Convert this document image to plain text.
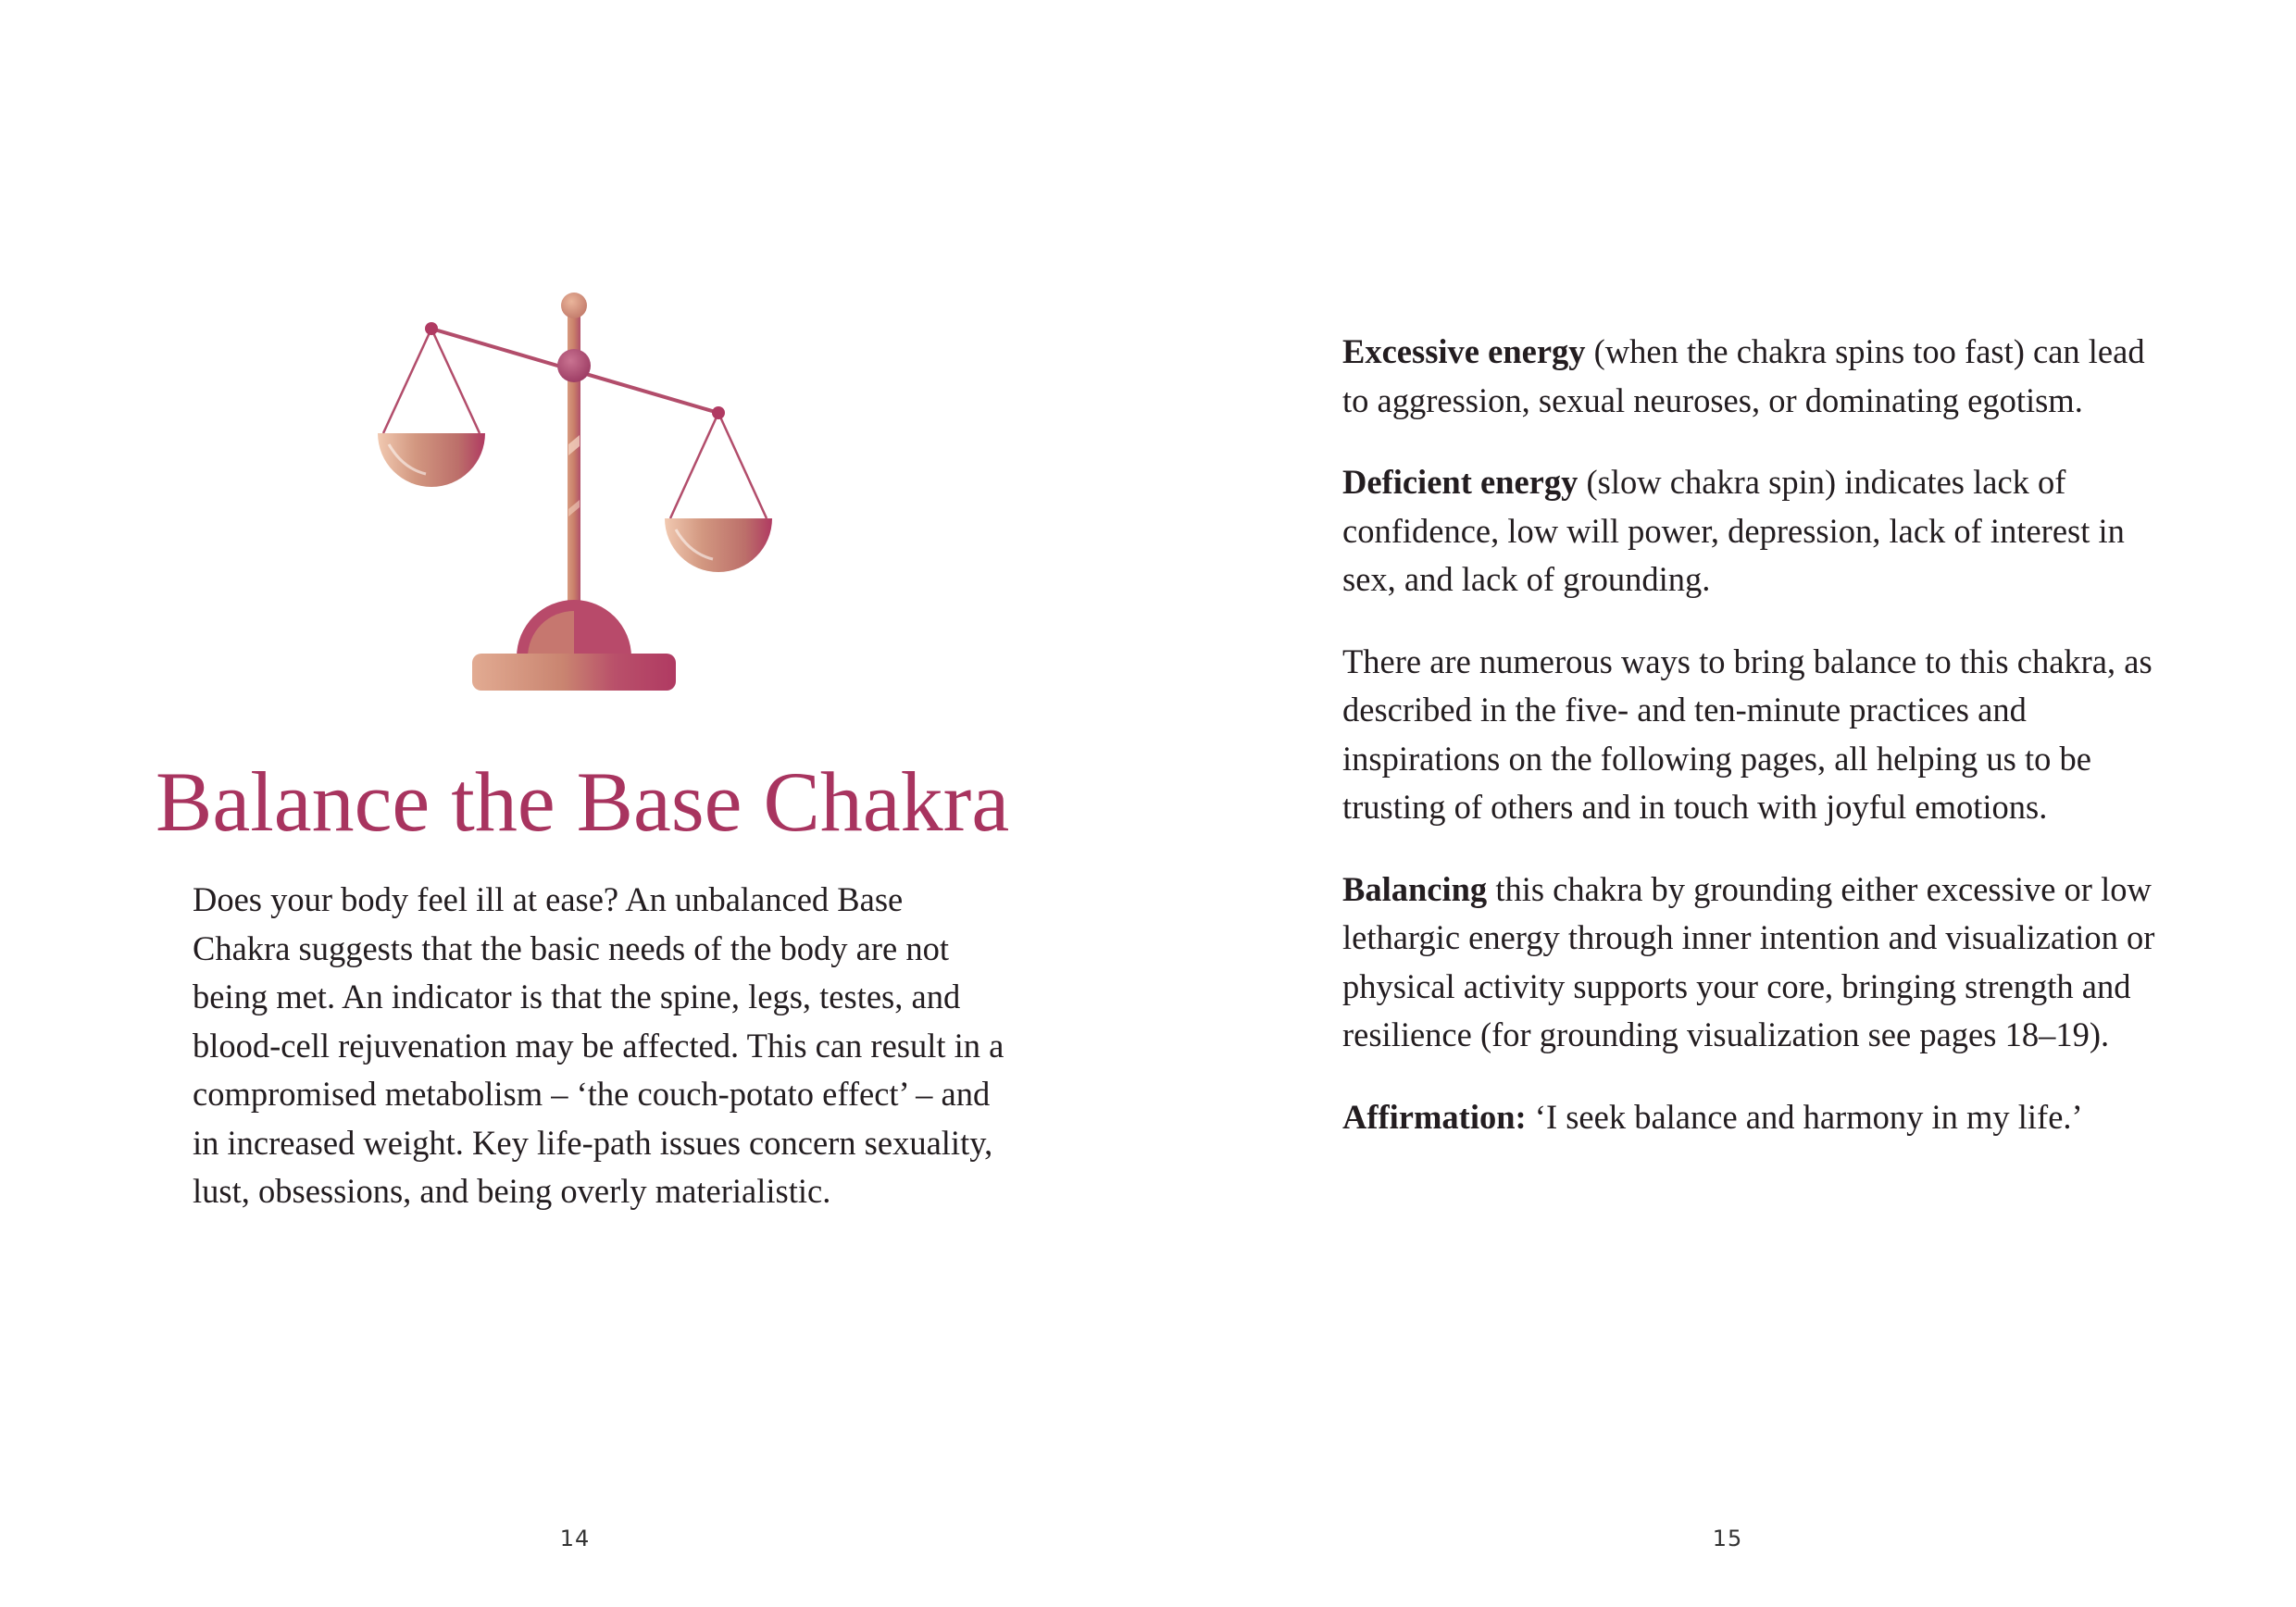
Balance the Base Chakra

Does your body feel ill at ease? An unbalanced Base Chakra suggests that the basic needs of the body are not being met. An indicator is that the spine, legs, testes, and blood-cell rejuvenation may be affected. This can result in a compromised metabolism – ‘the couch-potato effect’ – and in increased weight. Key life-path issues concern sexuality, lust, obsessions, and being overly materialistic.

14

Excessive energy (when the chakra spins too fast) can lead to aggression, sexual neuroses, or dominating egotism.

Deficient energy (slow chakra spin) indicates lack of confidence, low will power, depression, lack of interest in sex, and lack of grounding.

There are numerous ways to bring balance to this chakra, as described in the five- and ten-minute practices and inspirations on the following pages, all helping us to be trusting of others and in touch with joyful emotions.

Balancing this chakra by grounding either excessive or low lethargic energy through inner intention and visualization or physical activity supports your core, bringing strength and resilience (for grounding visualization see pages 18–19).

Affirmation: ‘I seek balance and harmony in my life.’

15
